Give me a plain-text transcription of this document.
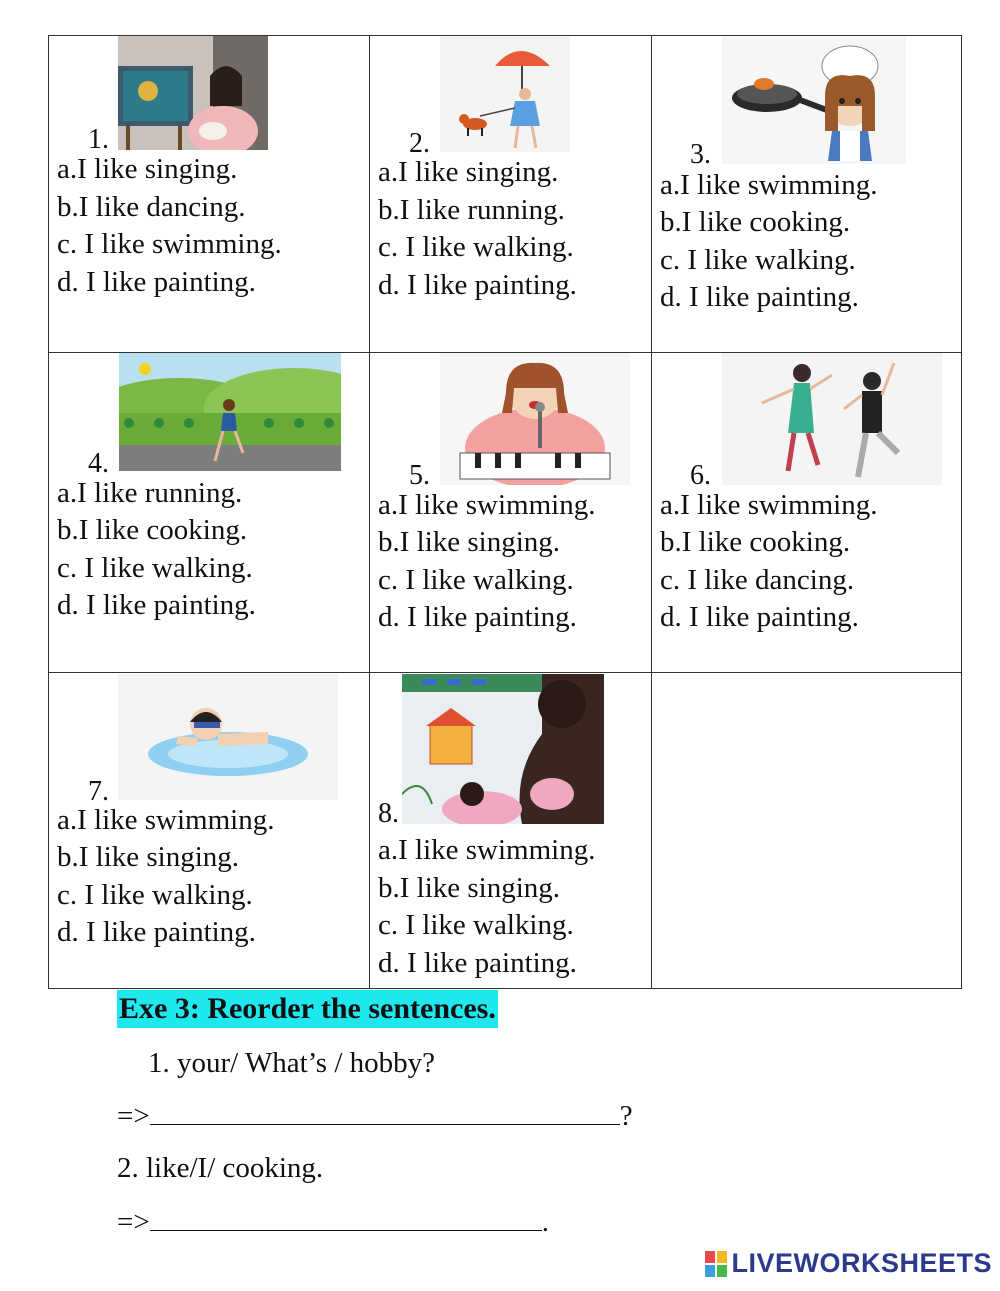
1.
a.I like singing.
b.I like dancing.
c. I like swimming.
d. I like painting.
2.
a.I like singing.
b.I like running.
c. I like walking.
d. I like painting.
3.
a.I like swimming.
b.I like cooking.
c. I like walking.
d. I like painting.
4.
a.I like running.
b.I like cooking.
c. I like walking.
d. I like painting.
5.
a.I like swimming.
b.I like singing.
c. I like walking.
d. I like painting.
6.
a.I like swimming.
b.I like cooking.
c. I like dancing.
d. I like painting.
7.
a.I like swimming.
b.I like singing.
c. I like walking.
d. I like painting.
8.
a.I like swimming.
b.I like singing.
c. I like walking.
d. I like painting.
Exe 3: Reorder the sentences.
1. your/ What’s / hobby?
=>	?
2. like/I/ cooking.
=>	.
LIVEWORKSHEETS
